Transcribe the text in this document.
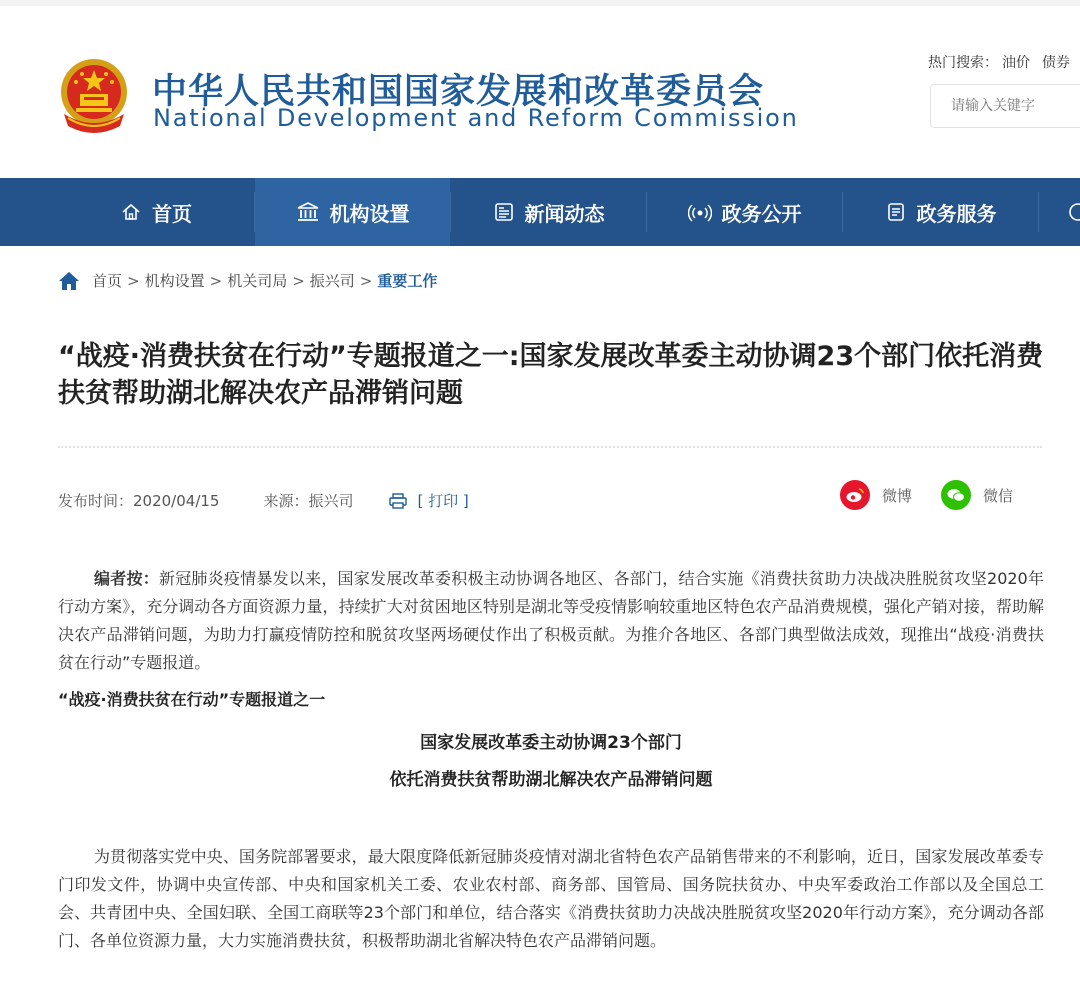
中华人民共和国国家发展和改革委员会
National Development and Reform Commission
热门搜索： 油价 债券
请输入关键字
首页	机构设置	新闻动态	政务公开	政务服务
首页 > 机构设置 > 机关司局 > 振兴司 > 重要工作
“战疫·消费扶贫在行动”专题报道之一:国家发展改革委主动协调23个部门依托消费扶贫帮助湖北解决农产品滞销问题
发布时间：2020/04/15	来源：振兴司	[ 打印 ]	微博	微信
编者按：新冠肺炎疫情暴发以来，国家发展改革委积极主动协调各地区、各部门，结合实施《消费扶贫助力决战决胜脱贫攻坚2020年行动方案》，充分调动各方面资源力量，持续扩大对贫困地区特别是湖北等受疫情影响较重地区特色农产品消费规模，强化产销对接，帮助解决农产品滞销问题，为助力打赢疫情防控和脱贫攻坚两场硬仗作出了积极贡献。为推介各地区、各部门典型做法成效，现推出“战疫·消费扶贫在行动”专题报道。
“战疫·消费扶贫在行动”专题报道之一
国家发展改革委主动协调23个部门
依托消费扶贫帮助湖北解决农产品滞销问题
为贯彻落实党中央、国务院部署要求，最大限度降低新冠肺炎疫情对湖北省特色农产品销售带来的不利影响，近日，国家发展改革委专门印发文件，协调中央宣传部、中央和国家机关工委、农业农村部、商务部、国管局、国务院扶贫办、中央军委政治工作部以及全国总工会、共青团中央、全国妇联、全国工商联等23个部门和单位，结合落实《消费扶贫助力决战决胜脱贫攻坚2020年行动方案》，充分调动各部门、各单位资源力量，大力实施消费扶贫，积极帮助湖北省解决特色农产品滞销问题。
